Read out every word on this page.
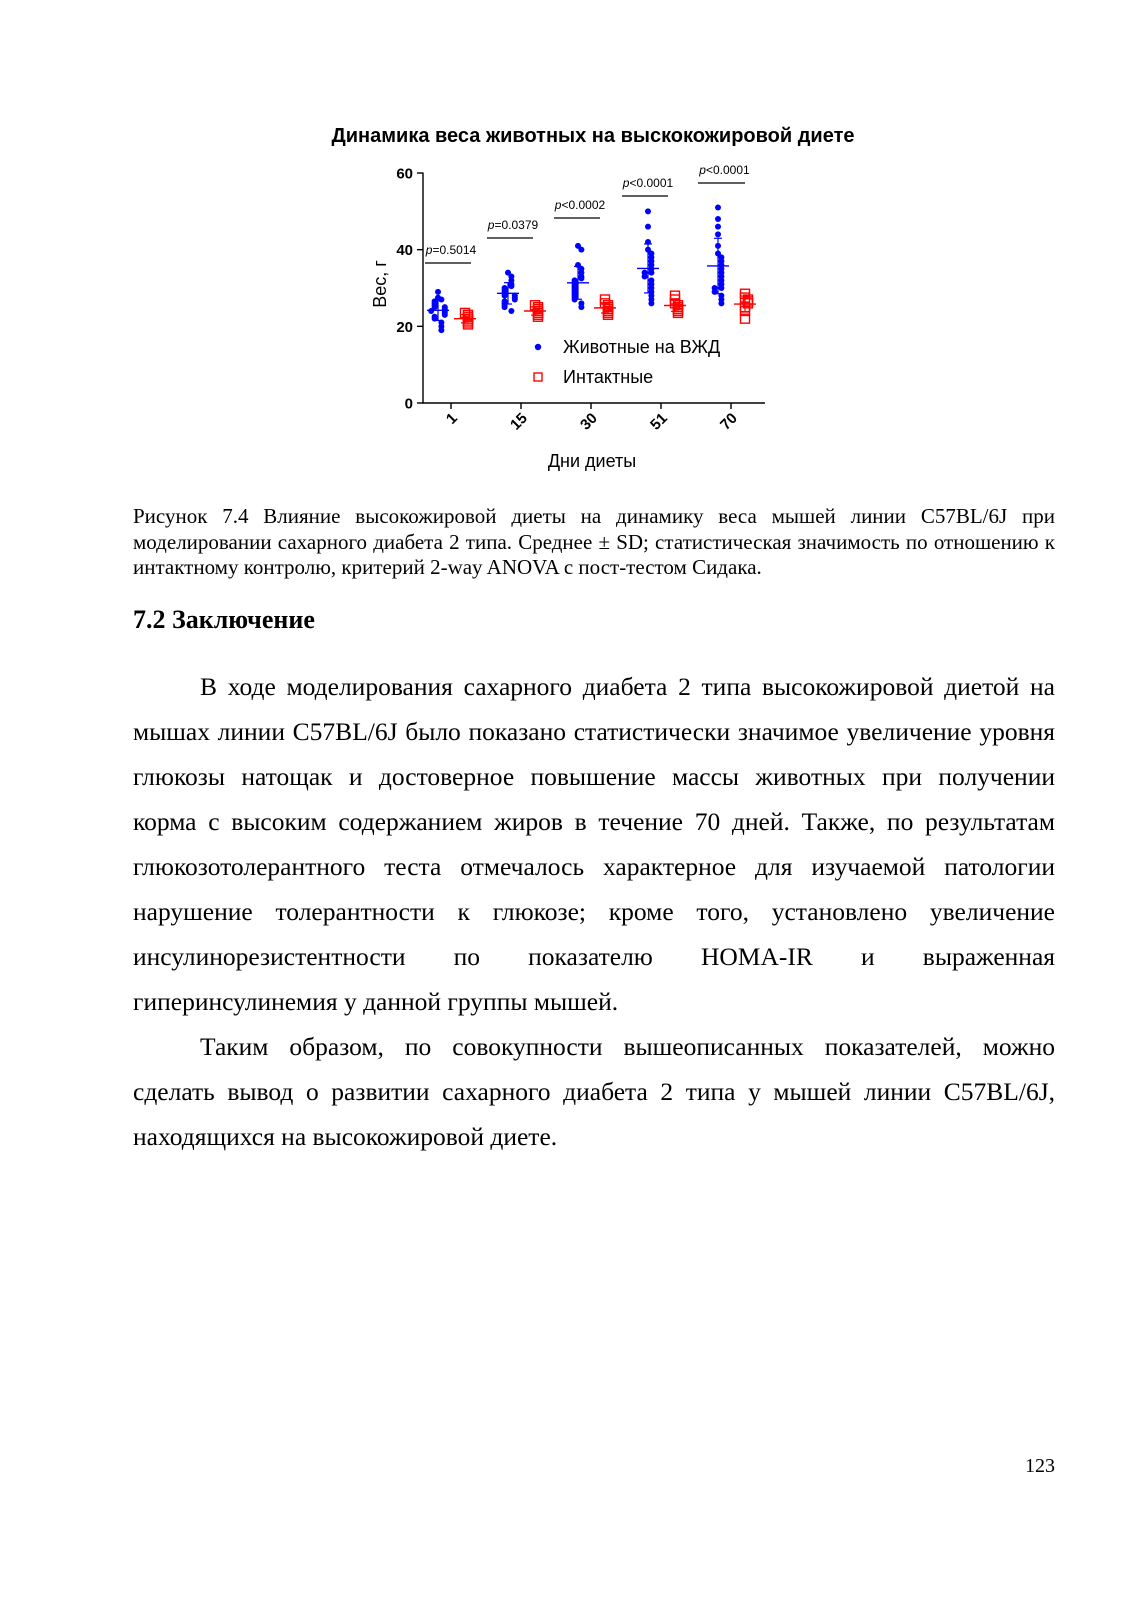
Динамика веса животных на выскокожировой диете
0
20
40
60
1	15	30	51	70
Вес, г
Дни диеты
p=0.5014
p=0.0379
p<0.0002
p<0.0001
p<0.0001
Животные на ВЖД
Интактные
Рисунок 7.4 Влияние высокожировой диеты на динамику веса мышей линии C57BL/6J при
моделировании сахарного диабета 2 типа. Среднее ± SD; статистическая значимость по отношению к
интактному контролю, критерий 2-way ANOVA с пост-тестом Сидака.
7.2 Заключение
В ходе моделирования сахарного диабета 2 типа высокожировой диетой на
мышах линии C57BL/6J было показано статистически значимое увеличение уровня
глюкозы натощак и достоверное повышение массы животных при получении
корма с высоким содержанием жиров в течение 70 дней. Также, по результатам
глюкозотолерантного теста отмечалось характерное для изучаемой патологии
нарушение толерантности к глюкозе; кроме того, установлено увеличение
инсулинорезистентности по показателю HOMA-IR и выраженная
гиперинсулинемия у данной группы мышей.
Таким образом, по совокупности вышеописанных показателей, можно
сделать вывод о развитии сахарного диабета 2 типа у мышей линии C57BL/6J,
находящихся на высокожировой диете.
123
